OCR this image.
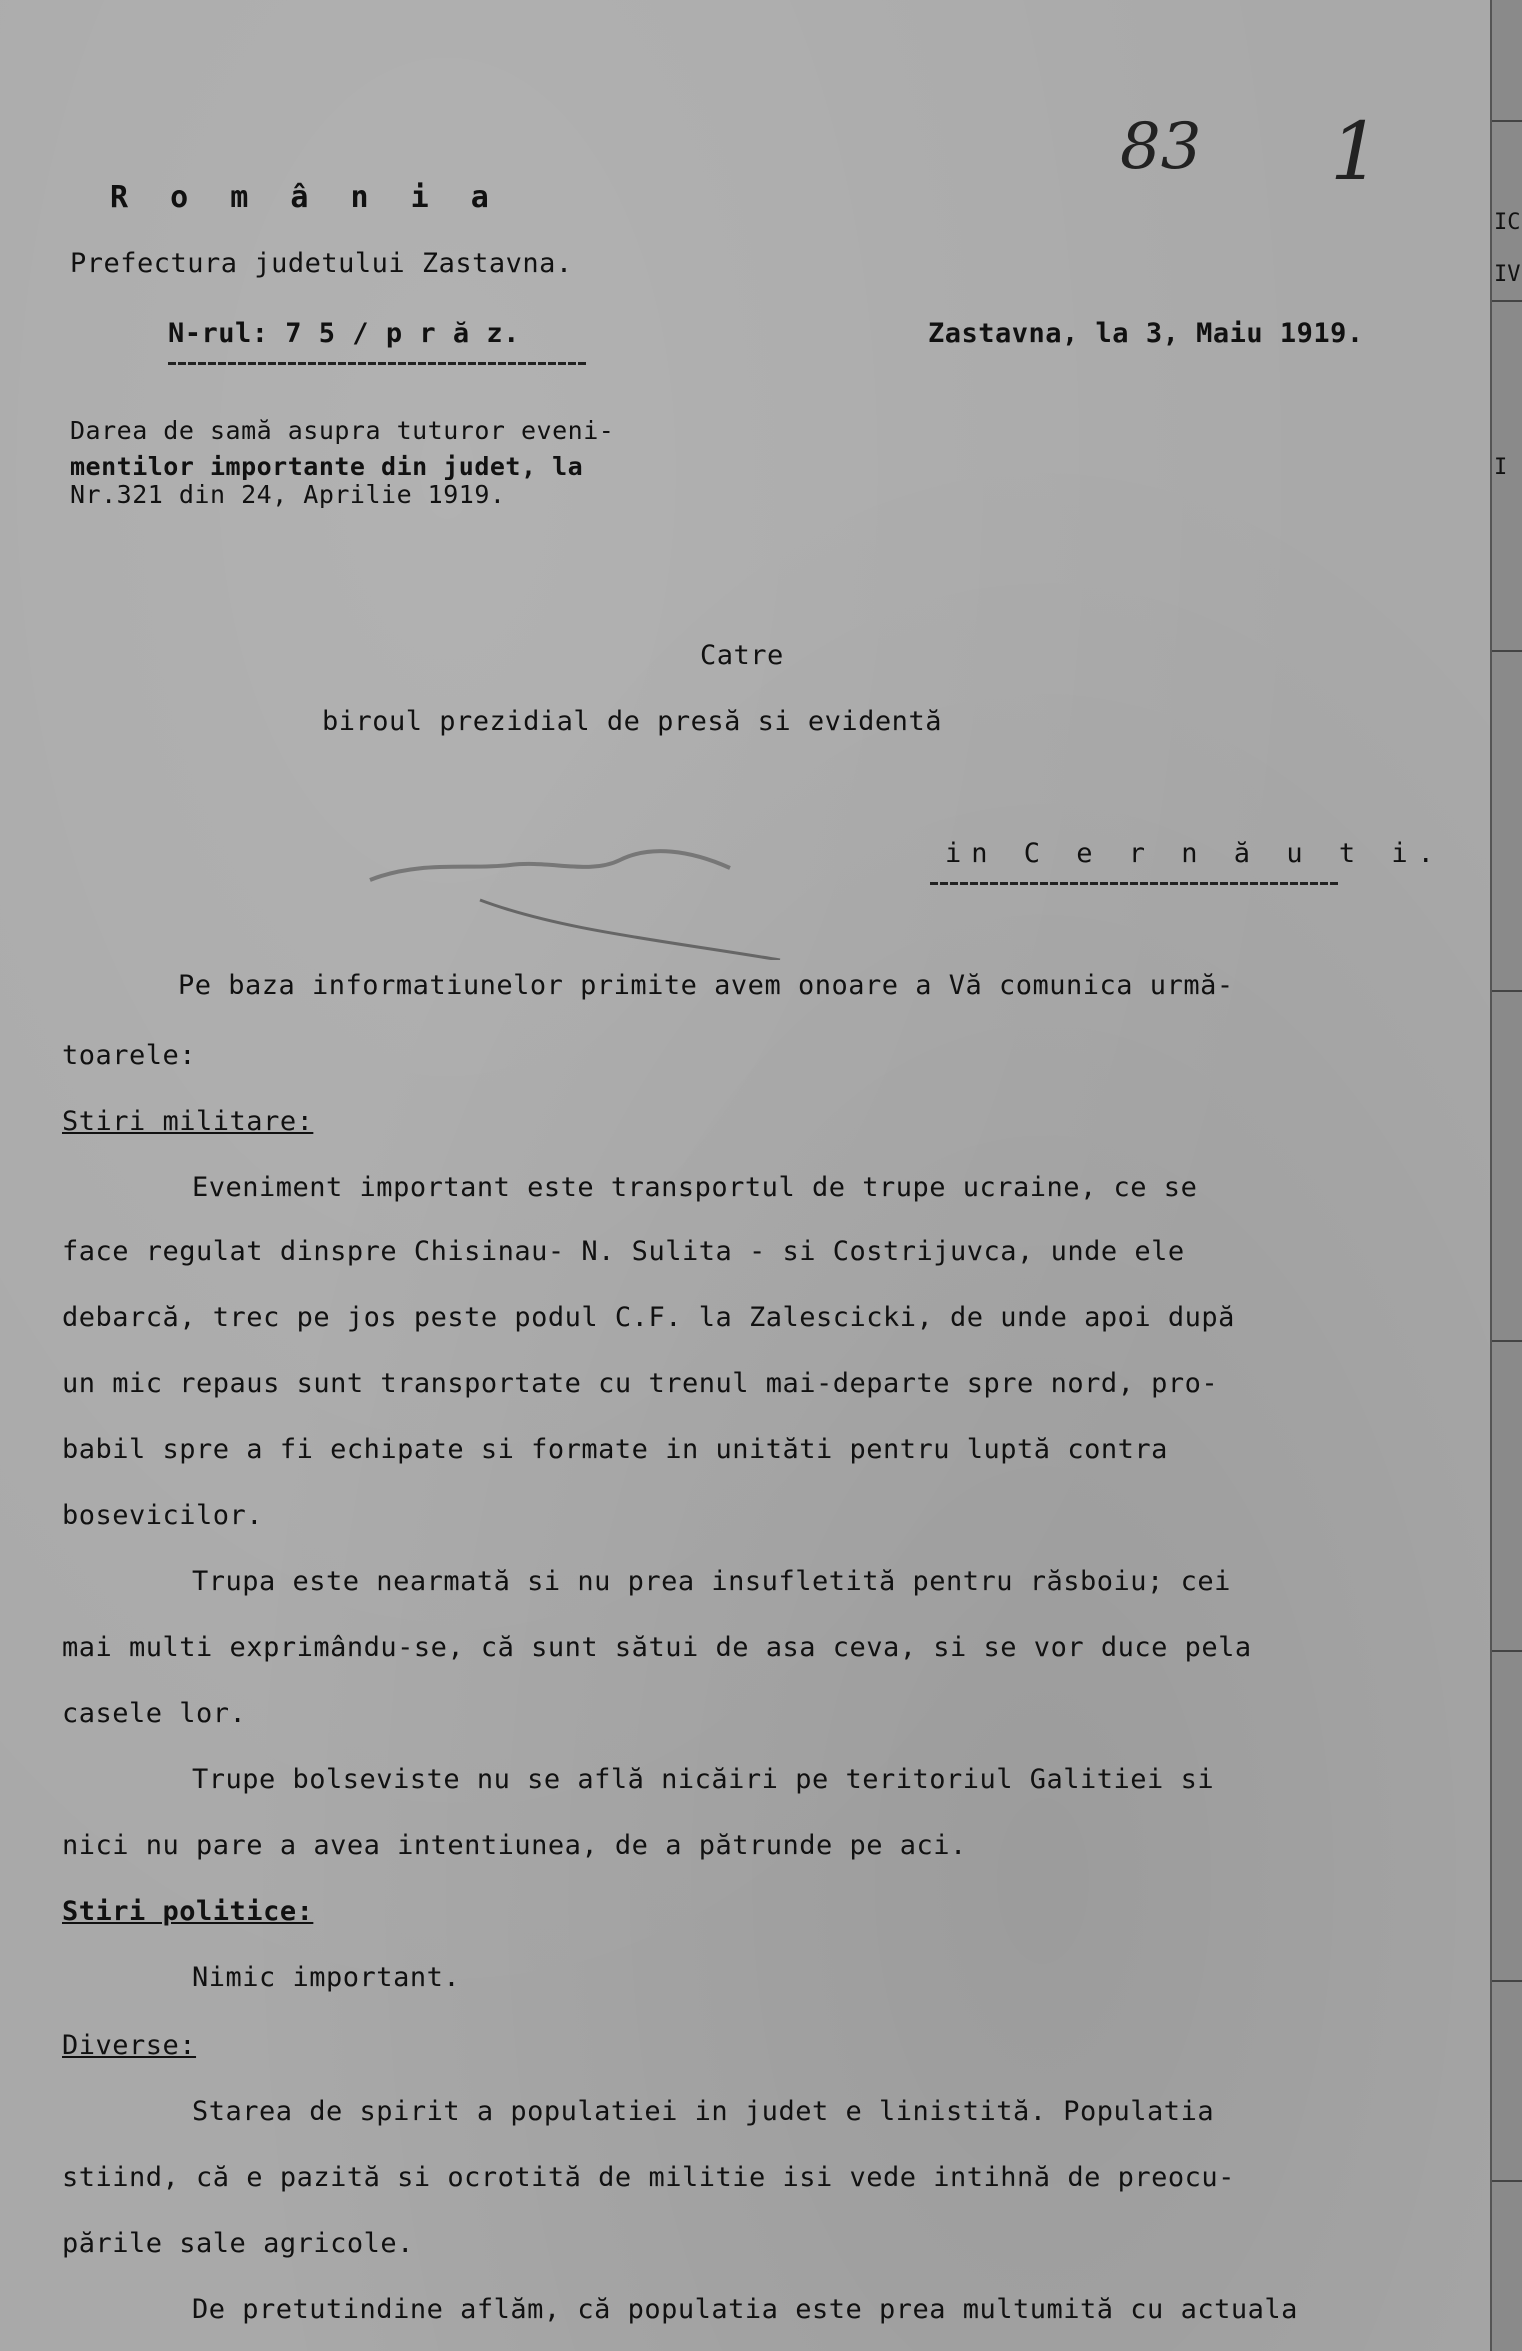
83 1
R o m â n i a
Prefectura judetului Zastavna.
N-rul: 7 5 / p r ă z.	Zastavna, la 3, Maiu 1919.
Darea de samă asupra tuturor eveni-
mentilor importante din judet, la
Nr.321 din 24, Aprilie 1919.
Catre
biroul prezidial de presă si evidentă
in C e r n ă u t i.
Pe baza informatiunelor primite avem onoare a Vă comunica urmă-
toarele:
Stiri militare:
Eveniment important este transportul de trupe ucraine, ce se
face regulat dinspre Chisinau- N. Sulita - si Costrijuvca, unde ele
debarcă, trec pe jos peste podul C.F. la Zalescicki, de unde apoi după
un mic repaus sunt transportate cu trenul mai-departe spre nord, pro-
babil spre a fi echipate si formate in unităti pentru luptă contra
bosevicilor.
Trupa este nearmată si nu prea insufletită pentru răsboiu; cei
mai multi exprimându-se, că sunt sătui de asa ceva, si se vor duce pela
casele lor.
Trupe bolseviste nu se află nicăiri pe teritoriul Galitiei si
nici nu pare a avea intentiunea, de a pătrunde pe aci.
Stiri politice:
Nimic important.
Diverse:
Starea de spirit a populatiei in judet e linistită. Populatia
stiind, că e pazită si ocrotită de militie isi vede intihnă de preocu-
pările sale agricole.
De pretutindine aflăm, că populatia este prea multumită cu actuala
IC
IV
I
